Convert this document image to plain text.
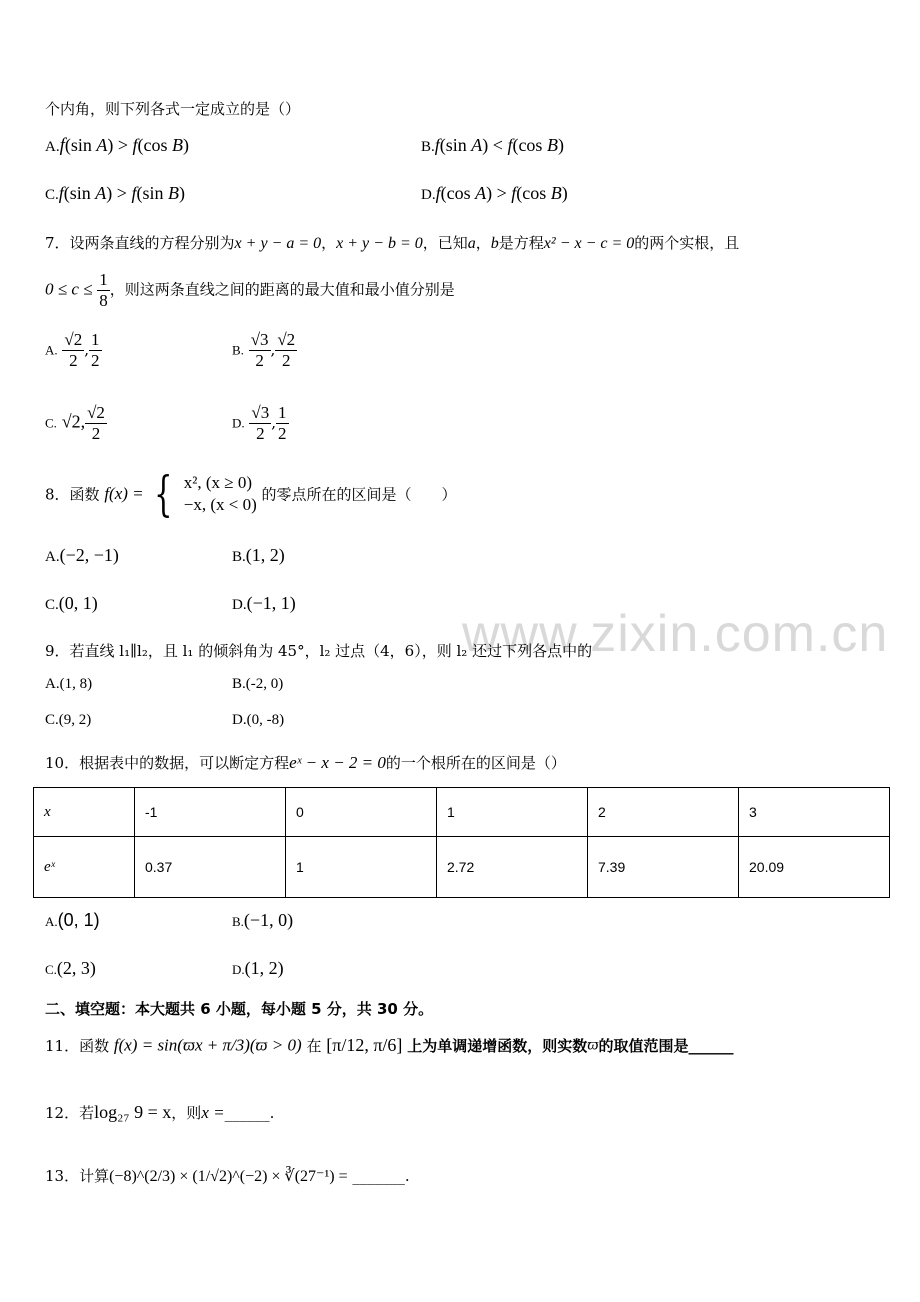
www.zixin.com.cn
个内角，则下列各式一定成立的是（）
A.f(sin A) > f(cos B)	B.f(sin A) < f(cos B)
C.f(sin A) > f(sin B)	D.f(cos A) > f(cos B)
7．设两条直线的方程分别为x + y − a = 0，x + y − b = 0，已知a，b是方程x² − x − c = 0的两个实根，且
$0 \le c \le \frac{1}{8}$ ，则这两条直线之间的距离的最大值和最小值分别是
A. $\frac{√2}{2}$ , $\frac{1}{2}$	B. $\frac{√3}{2}$ , $\frac{√2}{2}$
C. √2, $\frac{√2}{2}$	D. $\frac{√3}{2}$ , $\frac{1}{2}$
8．函数 f(x) = { x², (x ≥ 0)
−x, (x < 0)
的零点所在的区间是（　　）
A.(−2, −1)	B.(1, 2)
C.(0, 1)	D.(−1, 1)
9．若直线 l₁∥l₂，且 l₁ 的倾斜角为 45°，l₂ 过点（4，6），则 l₂ 还过下列各点中的
A.(1, 8)	B.(-2, 0)
C.(9, 2)	D.(0, -8)
10．根据表中的数据，可以断定方程eˣ − x − 2 = 0的一个根所在的区间是（）
x	-1	0	1	2	3
eˣ	0.37	1	2.72	7.39	20.09
A.(0, 1)	B.(−1, 0)
C.(2, 3)	D.(1, 2)
二、填空题：本大题共 6 小题，每小题 5 分，共 30 分。
11．函数 f(x) = sin(ϖx + π/3)(ϖ > 0) 在 [π/12, π/6] 上为单调递增函数，则实数ϖ的取值范围是______
12．若log₂₇ 9 = x，则x =______.
13．计算(−8)^(2/3) × (1/√2)^(−2) × ∛(27⁻¹) = _______.
